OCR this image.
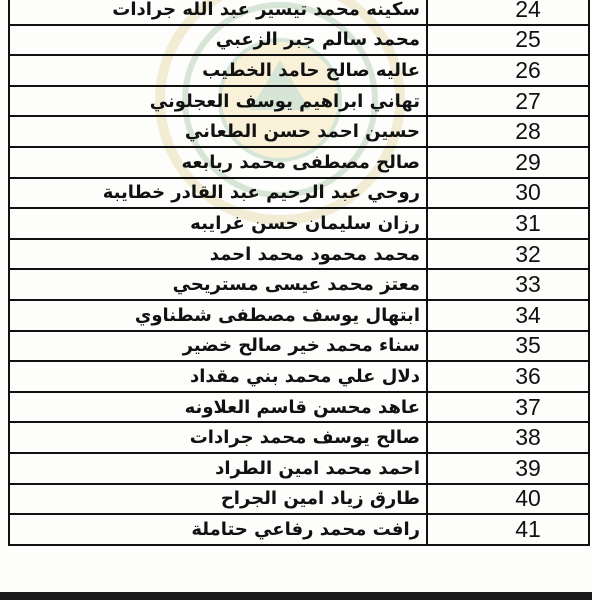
24	سكينه محمد تيسير عبد الله جرادات
25	محمد سالم جبر الزعبي
26	عاليه صالح حامد الخطيب
27	تهاني ابراهيم يوسف العجلوني
28	حسين احمد حسن الطعاني
29	صالح مصطفى محمد ربابعه
30	روحي عبد الرحيم عبد القادر خطايبة
31	رزان سليمان حسن غرايبه
32	محمد محمود محمد احمد
33	معتز محمد عيسى مستريحي
34	ابتهال يوسف مصطفى شطناوي
35	سناء محمد خير صالح خضير
36	دلال علي محمد بني مقداد
37	عاهد محسن قاسم العلاونه
38	صالح يوسف محمد جرادات
39	احمد محمد امين الطراد
40	طارق زياد امين الجراح
41	رافت محمد رفاعي حتاملة
